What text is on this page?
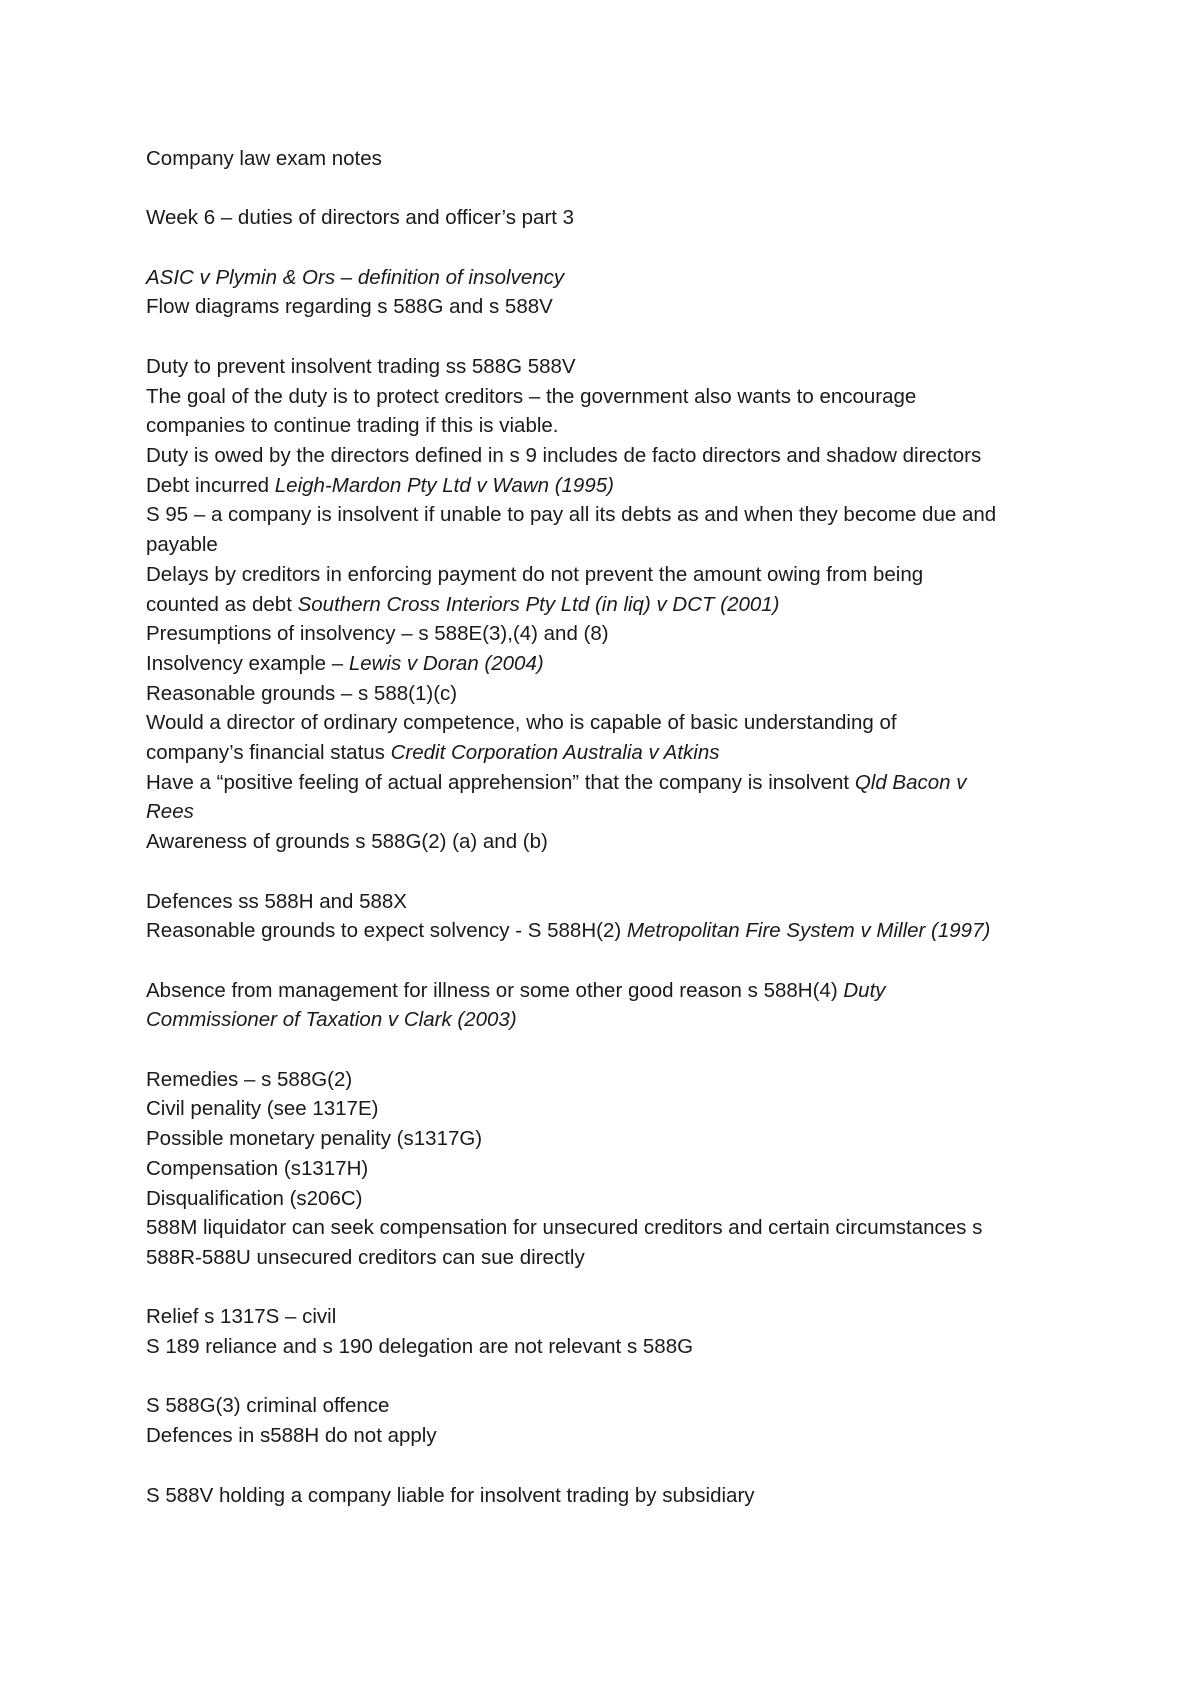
Company law exam notes
Week 6 – duties of directors and officer’s part 3
ASIC v Plymin & Ors – definition of insolvency
Flow diagrams regarding s 588G and s 588V
Duty to prevent insolvent trading ss 588G 588V
The goal of the duty is to protect creditors – the government also wants to encourage
companies to continue trading if this is viable.
Duty is owed by the directors defined in s 9 includes de facto directors and shadow directors
Debt incurred Leigh-Mardon Pty Ltd v Wawn (1995)
S 95 – a company is insolvent if unable to pay all its debts as and when they become due and
payable
Delays by creditors in enforcing payment do not prevent the amount owing from being
counted as debt Southern Cross Interiors Pty Ltd (in liq) v DCT (2001)
Presumptions of insolvency – s 588E(3),(4) and (8)
Insolvency example – Lewis v Doran (2004)
Reasonable grounds – s 588(1)(c)
Would a director of ordinary competence, who is capable of basic understanding of
company’s financial status Credit Corporation Australia v Atkins
Have a “positive feeling of actual apprehension” that the company is insolvent Qld Bacon v
Rees
Awareness of grounds s 588G(2) (a) and (b)
Defences ss 588H and 588X
Reasonable grounds to expect solvency - S 588H(2) Metropolitan Fire System v Miller (1997)
Absence from management for illness or some other good reason s 588H(4) Duty
Commissioner of Taxation v Clark (2003)
Remedies – s 588G(2)
Civil penality (see 1317E)
Possible monetary penality (s1317G)
Compensation (s1317H)
Disqualification (s206C)
588M liquidator can seek compensation for unsecured creditors and certain circumstances s
588R-588U unsecured creditors can sue directly
Relief s 1317S – civil
S 189 reliance and s 190 delegation are not relevant s 588G
S 588G(3) criminal offence
Defences in s588H do not apply
S 588V holding a company liable for insolvent trading by subsidiary
